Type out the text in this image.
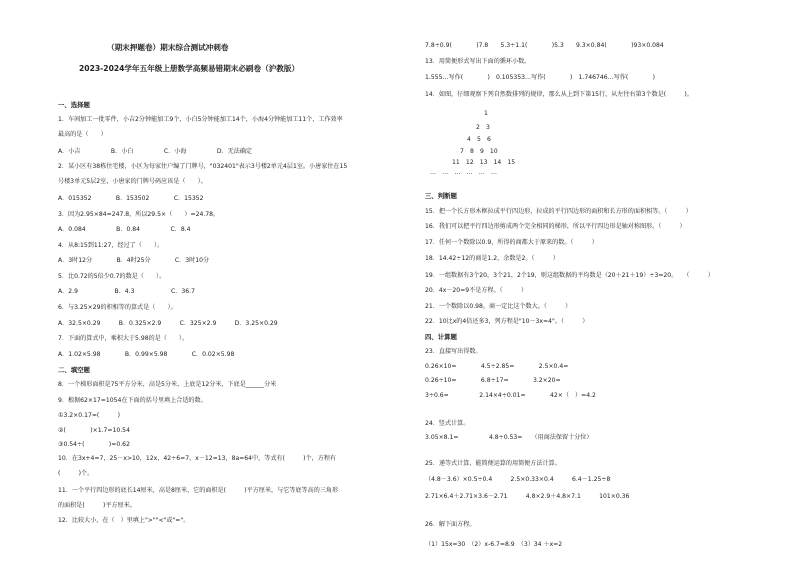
（期末押题卷）期末综合测试冲刺卷
2023-2024学年五年级上册数学高频易错期末必刷卷（沪教版）
一、选择题
1．车间加工一批零件，小吉2分钟能加工9个，小白5分钟能加工14个，小海4分钟能加工11个，工作效率
最高的是（　　）
A．小吉　　　　　B．小白　　　　　C．小海　　　　　D．无法确定
2．某小区有38栋住宅楼，小区为每家住户编了门牌号，"032401"表示3号楼2单元4层1室。小唐家住在15
号楼3单元5层2室，小唐家的门牌号码应该是（　　）。
A．015352　　　　B．153502　　　　C．15352
3．因为2.95×84=247.8，所以29.5×（　　）=24.78。
A．0.084　　　　　B．0.84　　　　　C．8.4
4．从8:15到11:27，经过了（　　）。
A．3时12分　　　　B．4时25分　　　　C．3时10分
5．比0.72的5倍少0.7的数是（　　）。
A．2.9　　　　　　B．4.3　　　　　　C．36.7
6．与3.25×29的积相等的算式是（　　）。
A．32.5×0.29　　　B．0.325×2.9　　　C．325×2.9　　　D．3.25×0.29
7．下面的算式中，乘积大于5.98的是（　　）。
A．1.02×5.98　　　　B．0.99×5.98　　　　C．0.02×5.98
二、填空题
8．一个梯形面积是75平方分米，高是5分米，上底是12分米，下底是______分米
9．根据62×17=1054在下面的括号里填上合适的数。
①3.2×0.17=(　　　)
②(　　　　)×1.7=10.54
③0.54÷(　　　　)=0.62
10．在3x+4=7，25－x>10，12x，42÷6=7，x－12=13，8a=64中，等式有(　　　)个，方程有
(　　　)个。
11．一个平行四边形的底长14厘米，高是8厘米，它的面积是(　　　)平方厘米，与它等底等高的三角形
的面积是(　　　)平方厘米。
12．比较大小，在（　）里填上">""<"或"="。
7.8÷0.9(　　　　)7.8　　5.3÷1.1(　　　　)5.3　　9.3×0.84(　　　　)93×0.084
13．用简便形式写出下面的循环小数。
1.555…写作(　　　　)　0.105353…写作(　　　　)　1.746746…写作(　　　　)
14．如图，仔细观察下列自然数排列的规律，那么从上到下第15行，从左往右第3个数是(　　　)。
三、判断题
15．把一个长方形木框拉成平行四边形，拉成的平行四边形的面积和长方形的面积相等。（　　　）
16．我们可以把平行四边形剪成两个完全相同的梯形，所以平行四边形是轴对称图形。（　　　）
17．任何一个数除以0.9，所得的商都大于原来的数。（　　　）
18．14.42÷12的商是1.2，余数是2。（　　　）
19．一组数据有3个20，3个21，2个19，则这组数据的平均数是（20＋21＋19）÷3=20。　　（　　　）
20．4x－20=9不是方程。（　　　）
21．一个数除以0.98，商一定比这个数大。（　　　）
22．10比x的4倍还多3，列方程是"10－3x=4"。（　　　）
四、计算题
23．直接写出得数。
0.26×10=　　　　4.5÷2.85=　　　　2.5×0.4=
0.26÷10=　　　　6.8÷17=　　　　3.2×20=
3÷0.6=　　　　　2.14×4÷0.01=　　　　42×（　）=4.2
24．竖式计算。
3.05×8.1=　　　　　4.8÷0.53=　　（用商法保留十分位）
25．递等式计算，能简便运算的用简便方法计算。
（4.8－3.6）×0.5÷0.4　　　2.5×0.33×0.4　　　6.4－1.25÷8
2.71×6.4＋2.71×3.6－2.71　　　4.8×2.9＋4.8×7.1　　　101×0.36
26．解下面方程。
（1）15x=30　（2）x-6.7=8.9　（3）34 ＋x=2
1
2　3
4　5　6
7　8　9　10
11　12　13　14　15
…　…　…　…　…　…
